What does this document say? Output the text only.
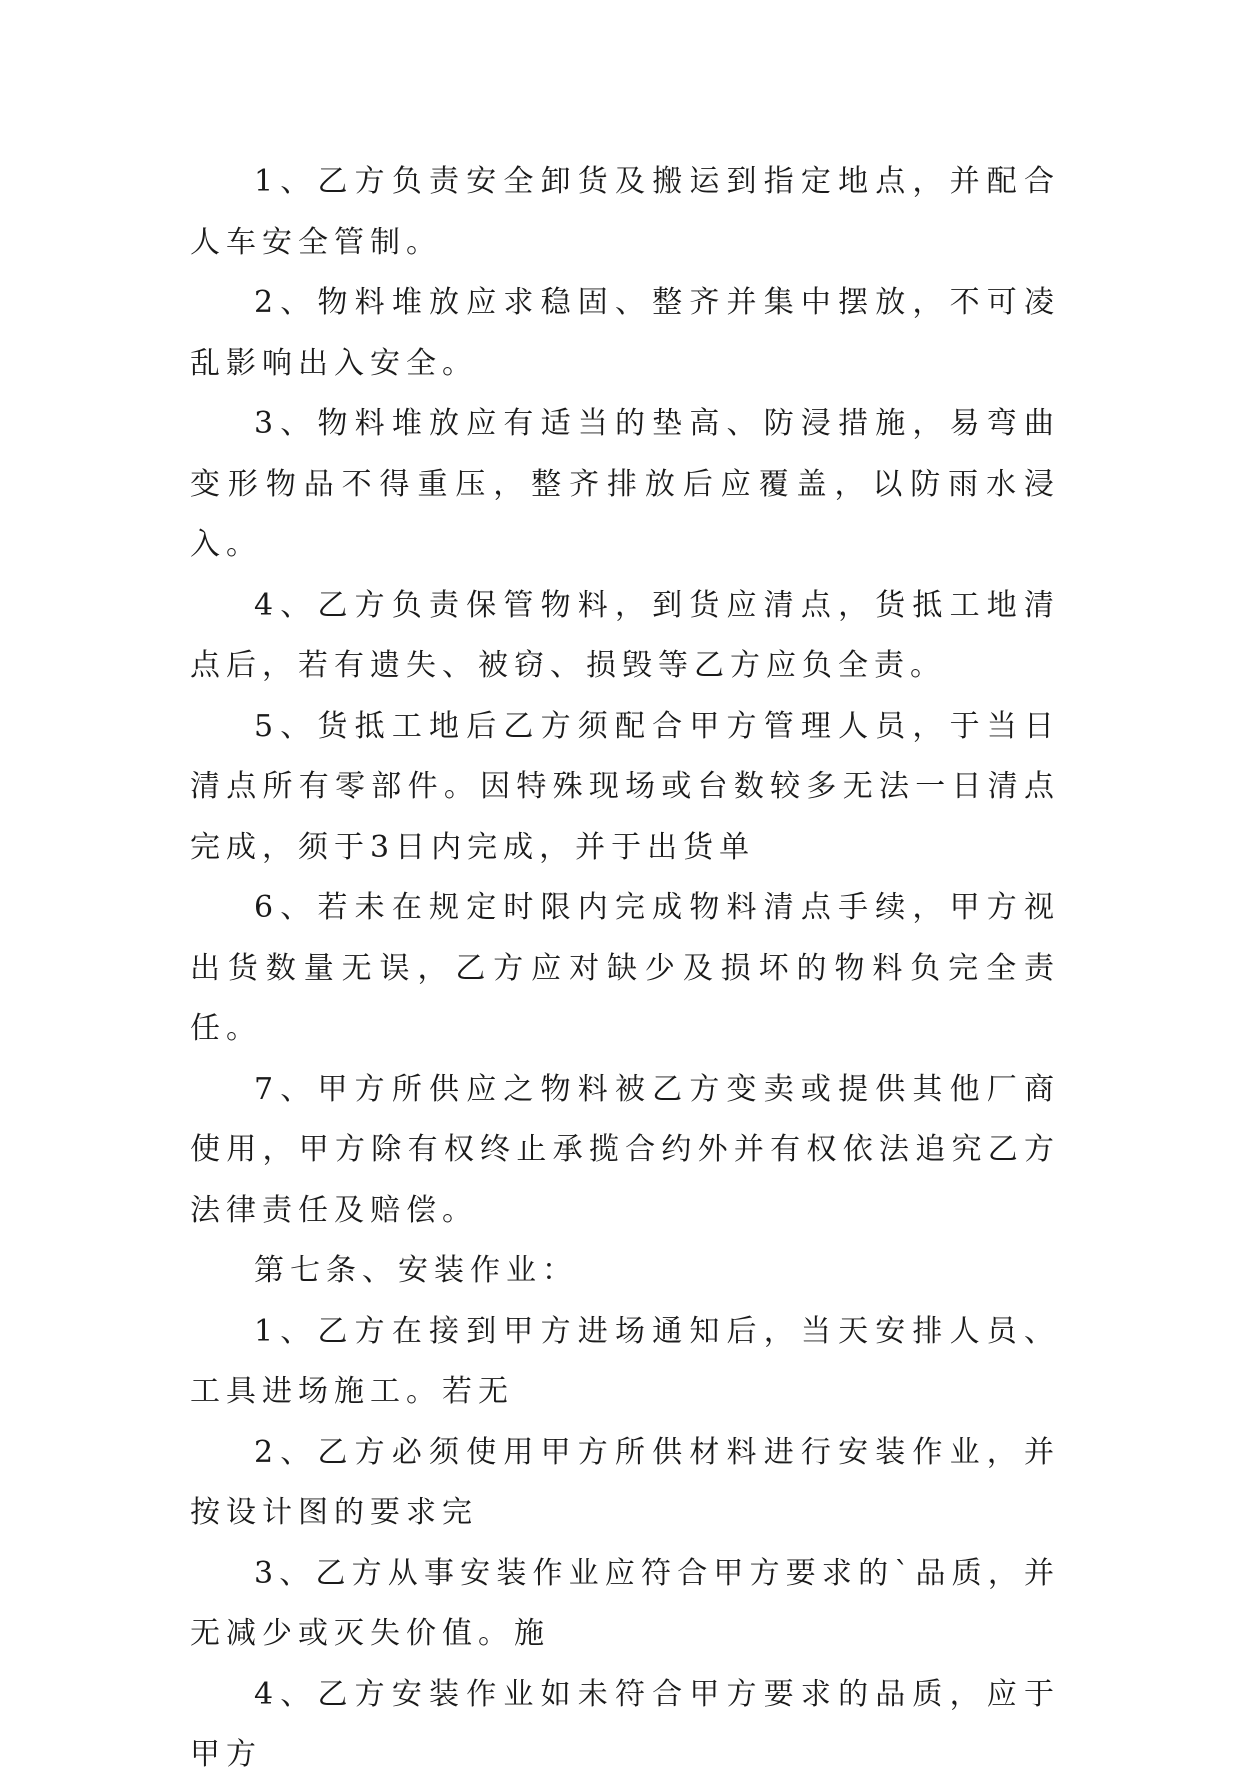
1、乙方负责安全卸货及搬运到指定地点，并配合人车安全管制。

2、物料堆放应求稳固、整齐并集中摆放，不可凌乱影响出入安全。

3、物料堆放应有适当的垫高、防浸措施，易弯曲变形物品不得重压，整齐排放后应覆盖，以防雨水浸入。

4、乙方负责保管物料，到货应清点，货抵工地清点后，若有遗失、被窃、损毁等乙方应负全责。

5、货抵工地后乙方须配合甲方管理人员，于当日清点所有零部件。因特殊现场或台数较多无法一日清点完成，须于3日内完成，并于出货单

6、若未在规定时限内完成物料清点手续，甲方视出货数量无误，乙方应对缺少及损坏的物料负完全责任。

7、甲方所供应之物料被乙方变卖或提供其他厂商使用，甲方除有权终止承揽合约外并有权依法追究乙方法律责任及赔偿。

第七条、安装作业：

1、乙方在接到甲方进场通知后，当天安排人员、工具进场施工。若无

2、乙方必须使用甲方所供材料进行安装作业，并按设计图的要求完

3、乙方从事安装作业应符合甲方要求的`品质，并无减少或灭失价值。施

4、乙方安装作业如未符合甲方要求的品质，应于甲方
